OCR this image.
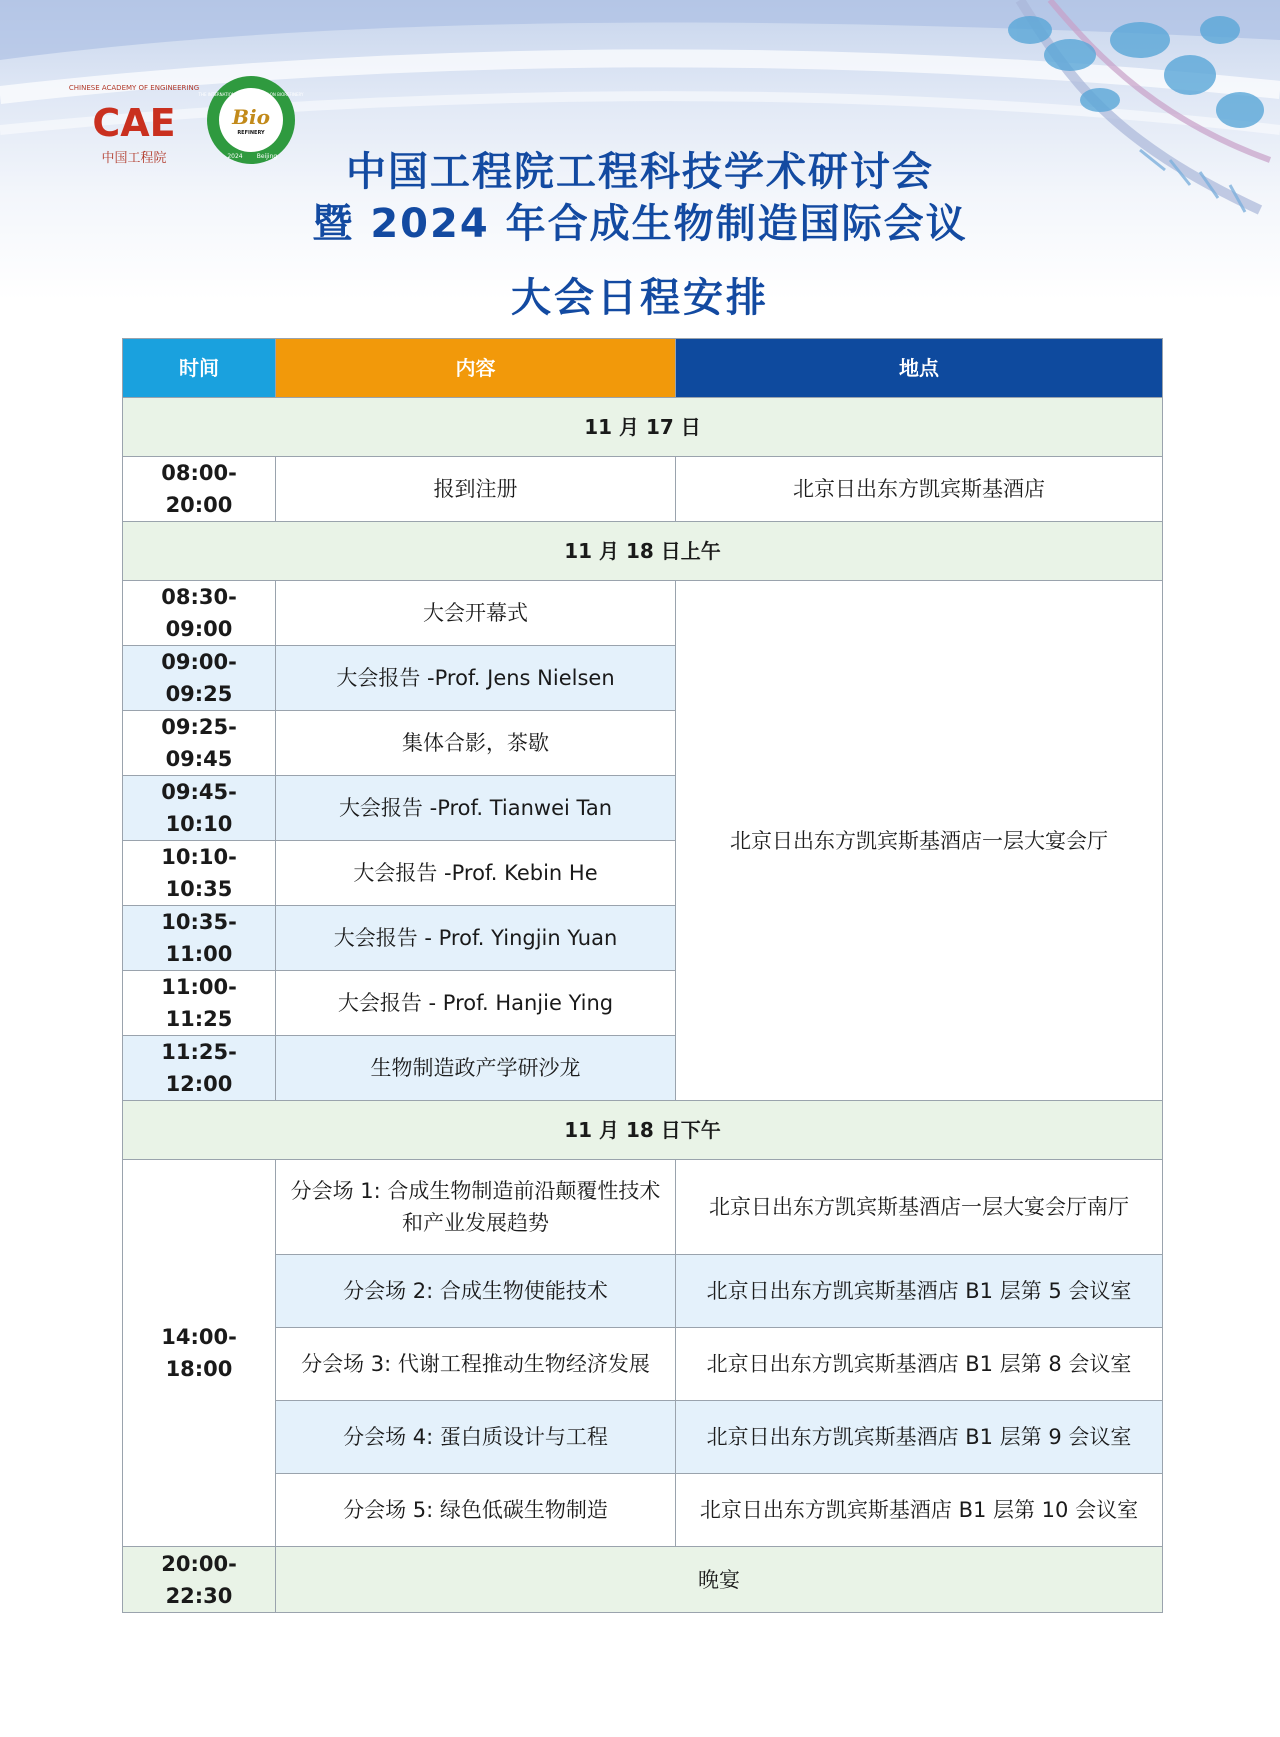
CHINESE ACADEMY OF ENGINEERING
CAE
中国工程院
THE INTERNATIONAL CONFERENCE ON BIOREFINERY
Bio
REFINERY
2024 Beijing	中国工程院工程科技学术研讨会
暨 2024 年合成生物制造国际会议
大会日程安排
时间	内容	地点
11 月 17 日		
08:00-20:00	报到注册	北京日出东方凯宾斯基酒店
11 月 18 日上午		
08:30-09:00	大会开幕式	北京日出东方凯宾斯基酒店一层大宴会厅
09:00-09:25	大会报告 -Prof. Jens Nielsen	
09:25-09:45	集体合影，茶歇	
09:45-10:10	大会报告 -Prof. Tianwei Tan	
10:10-10:35	大会报告 -Prof. Kebin He	
10:35-11:00	大会报告 - Prof. Yingjin Yuan	
11:00-11:25	大会报告 - Prof. Hanjie Ying	
11:25-12:00	生物制造政产学研沙龙	
11 月 18 日下午		
14:00-18:00	分会场 1: 合成生物制造前沿颠覆性技术和产业发展趋势	北京日出东方凯宾斯基酒店一层大宴会厅南厅
	分会场 2: 合成生物使能技术	北京日出东方凯宾斯基酒店 B1 层第 5 会议室
	分会场 3: 代谢工程推动生物经济发展	北京日出东方凯宾斯基酒店 B1 层第 8 会议室
	分会场 4: 蛋白质设计与工程	北京日出东方凯宾斯基酒店 B1 层第 9 会议室
	分会场 5: 绿色低碳生物制造	北京日出东方凯宾斯基酒店 B1 层第 10 会议室
20:00-22:30	晚宴	
